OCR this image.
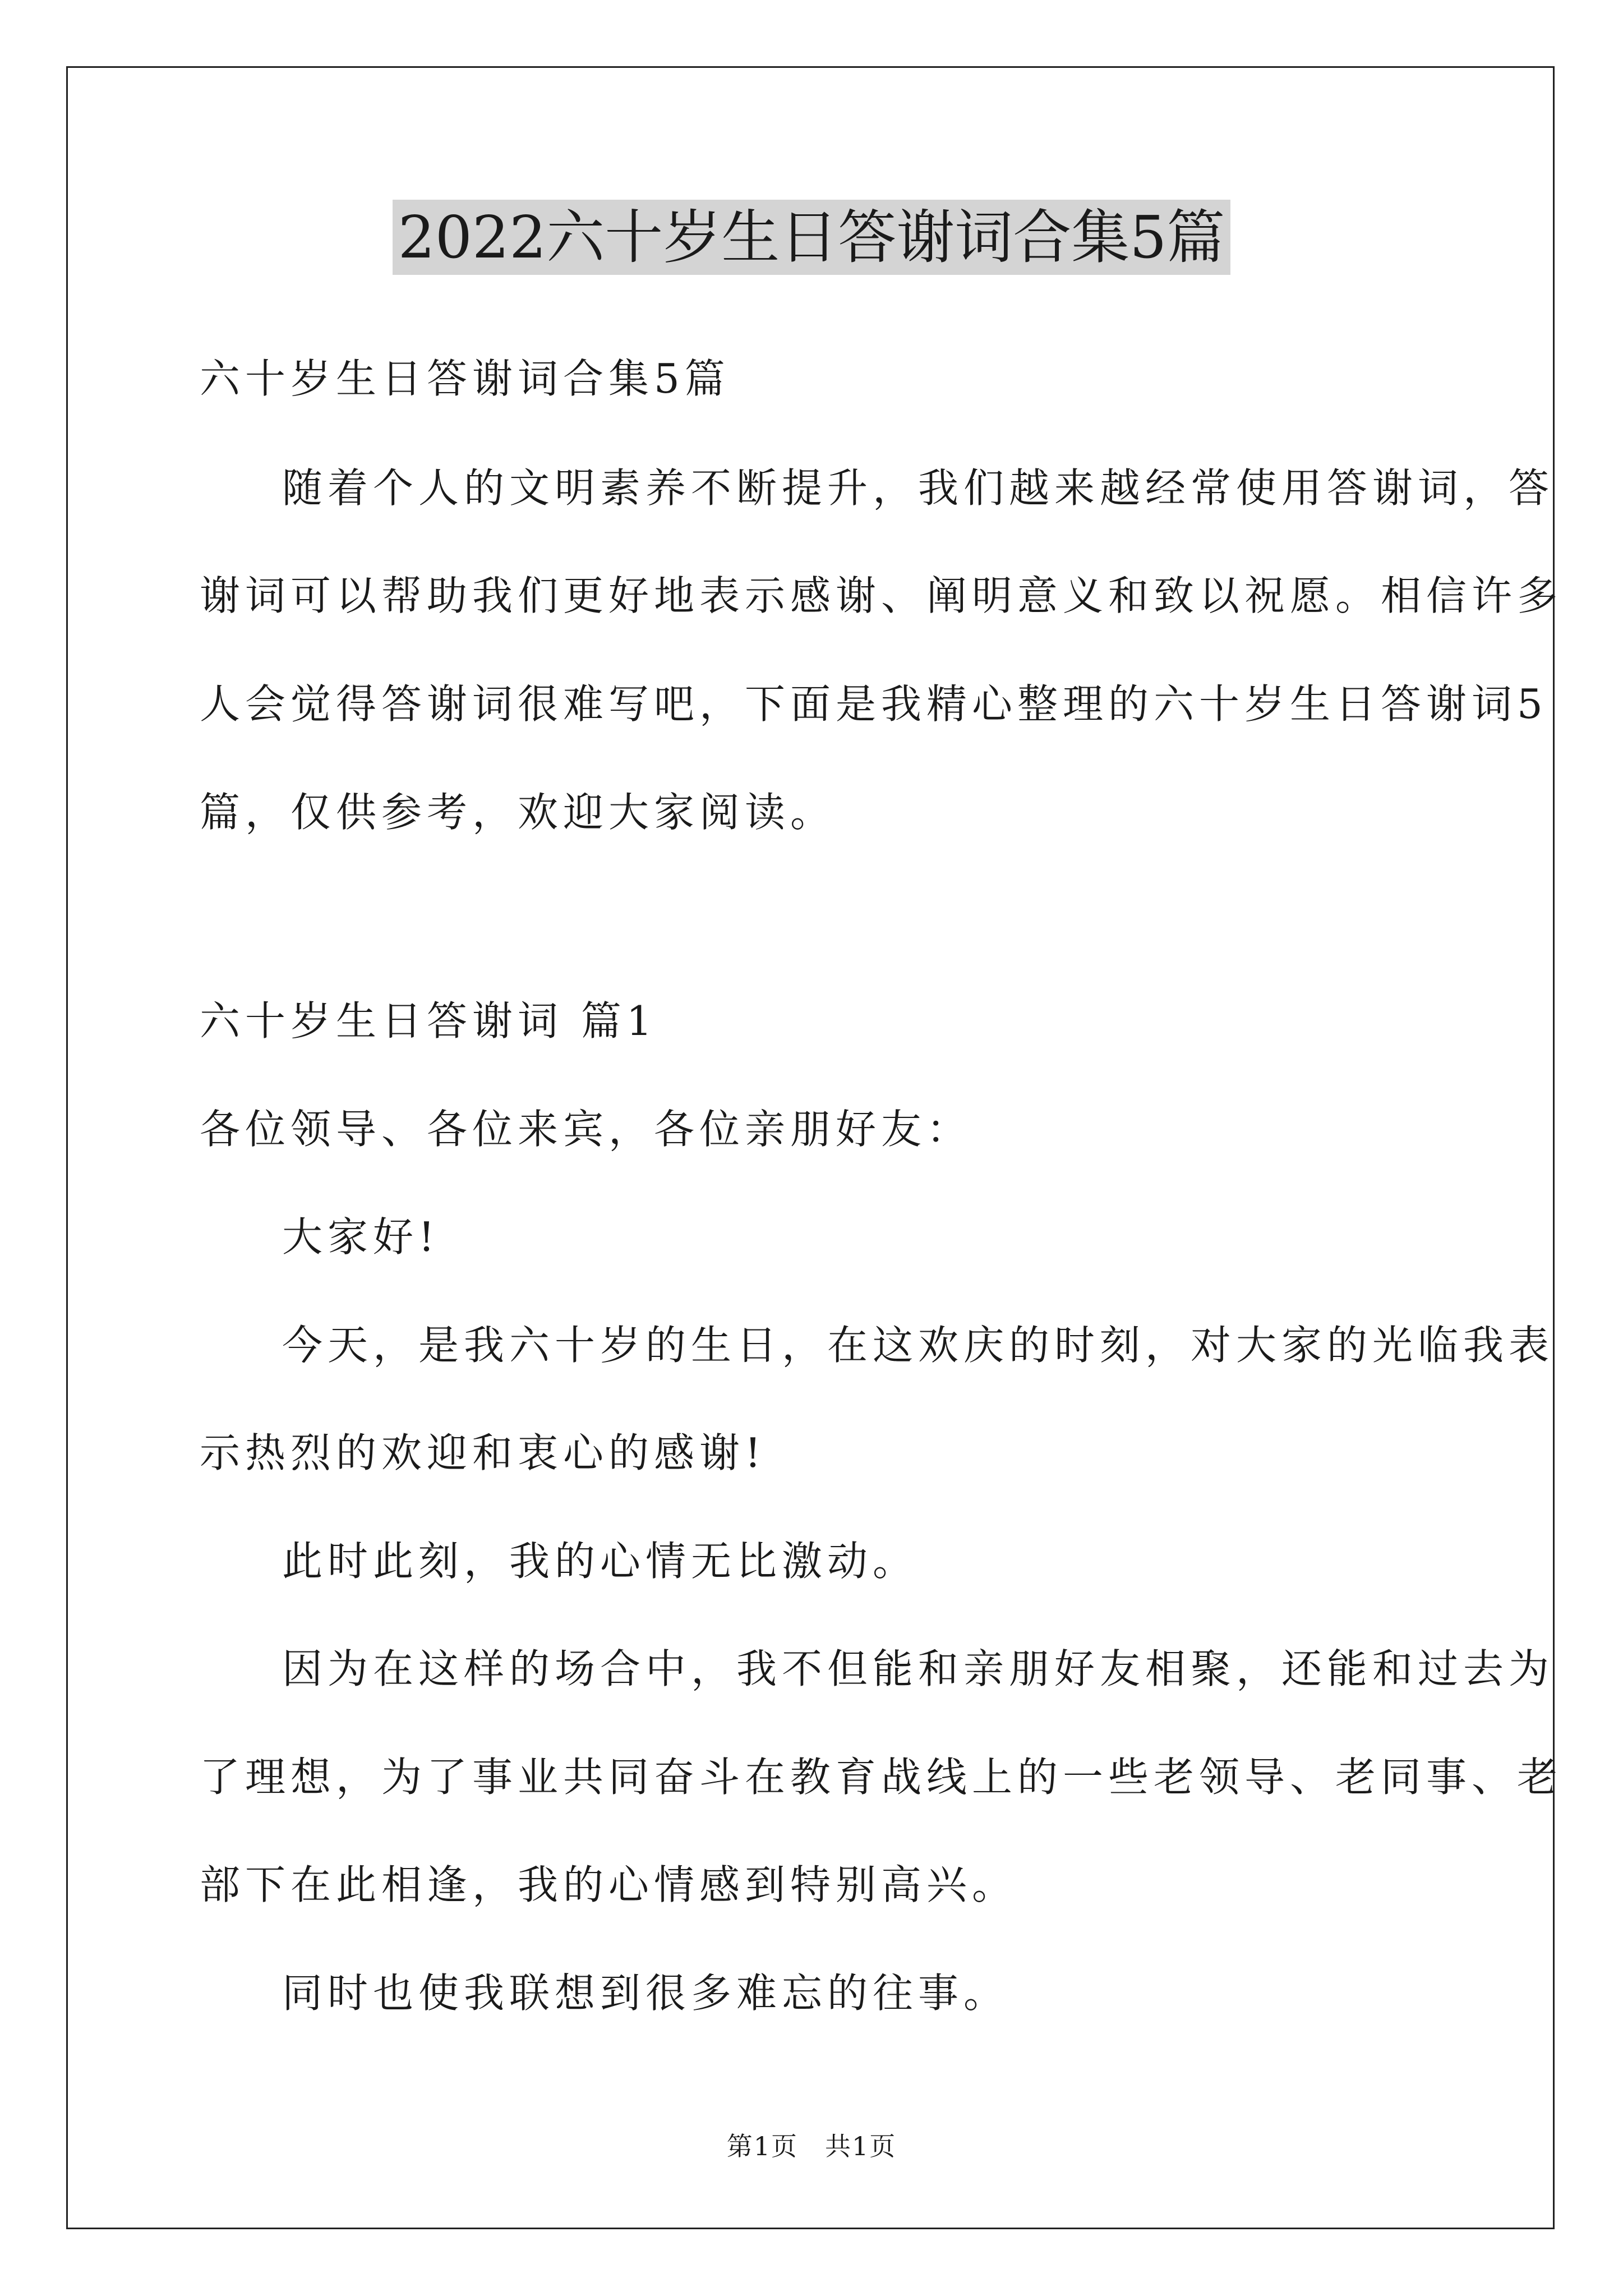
2022六十岁生日答谢词合集5篇

六十岁生日答谢词合集5篇

随着个人的文明素养不断提升，我们越来越经常使用答谢词，答

谢词可以帮助我们更好地表示感谢、阐明意义和致以祝愿。相信许多

人会觉得答谢词很难写吧，下面是我精心整理的六十岁生日答谢词5

篇，仅供参考，欢迎大家阅读。

六十岁生日答谢词 篇1

各位领导、各位来宾，各位亲朋好友：

大家好!

今天，是我六十岁的生日，在这欢庆的时刻，对大家的光临我表

示热烈的欢迎和衷心的感谢!

此时此刻，我的心情无比激动。

因为在这样的场合中，我不但能和亲朋好友相聚，还能和过去为

了理想，为了事业共同奋斗在教育战线上的一些老领导、老同事、老

部下在此相逢，我的心情感到特别高兴。

同时也使我联想到很多难忘的往事。

第1页　共1页
